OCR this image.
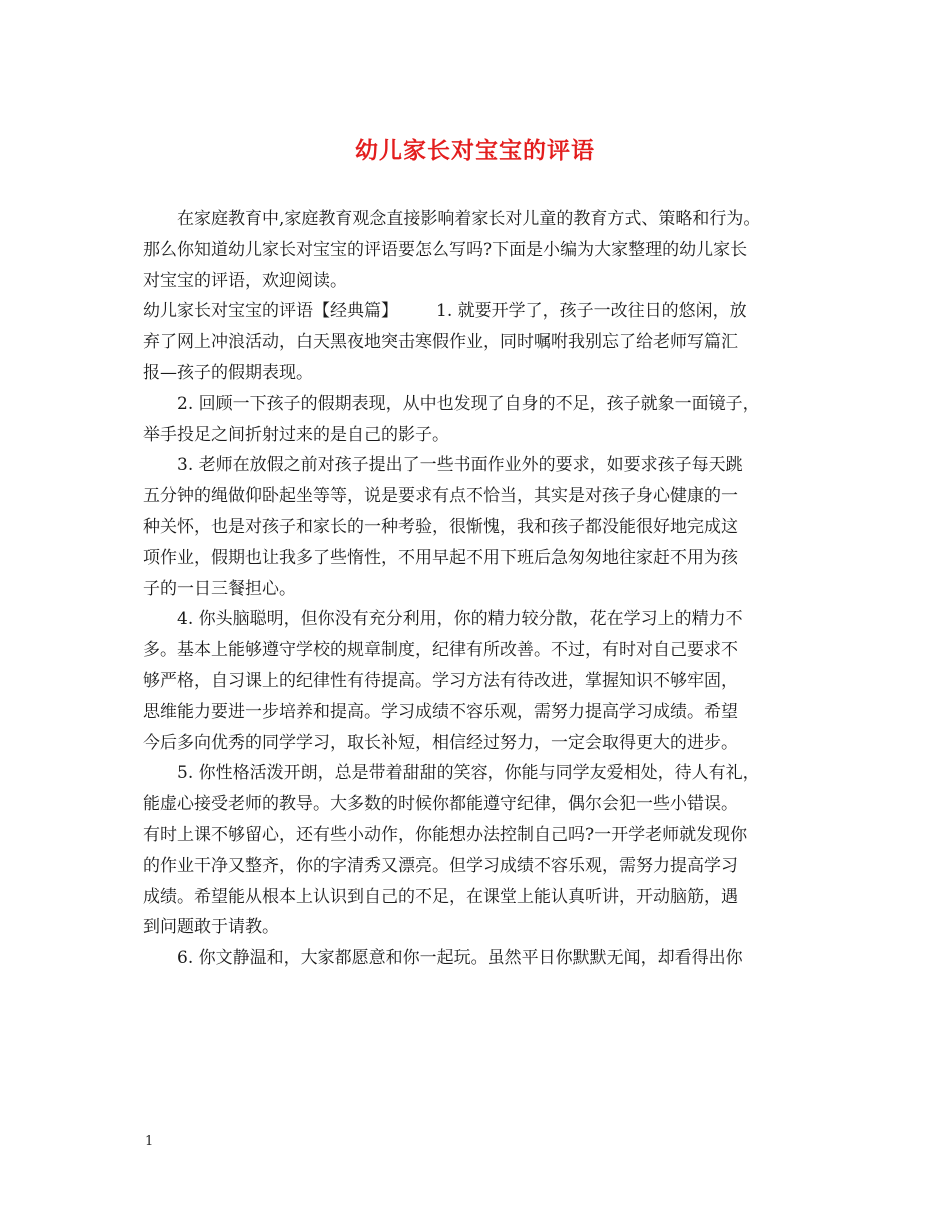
幼儿家长对宝宝的评语

在家庭教育中,家庭教育观念直接影响着家长对儿童的教育方式、策略和行为。

那么你知道幼儿家长对宝宝的评语要怎么写吗?下面是小编为大家整理的幼儿家长

对宝宝的评语，欢迎阅读。

幼儿家长对宝宝的评语【经典篇】 1. 就要开学了，孩子一改往日的悠闲，放

弃了网上冲浪活动，白天黑夜地突击寒假作业，同时嘱咐我别忘了给老师写篇汇

报—孩子的假期表现。

2. 回顾一下孩子的假期表现，从中也发现了自身的不足，孩子就象一面镜子，

举手投足之间折射过来的是自己的影子。

3. 老师在放假之前对孩子提出了一些书面作业外的要求，如要求孩子每天跳

五分钟的绳做仰卧起坐等等，说是要求有点不恰当，其实是对孩子身心健康的一

种关怀，也是对孩子和家长的一种考验，很惭愧，我和孩子都没能很好地完成这

项作业，假期也让我多了些惰性，不用早起不用下班后急匆匆地往家赶不用为孩

子的一日三餐担心。

4. 你头脑聪明，但你没有充分利用，你的精力较分散，花在学习上的精力不

多。基本上能够遵守学校的规章制度，纪律有所改善。不过，有时对自己要求不

够严格，自习课上的纪律性有待提高。学习方法有待改进，掌握知识不够牢固，

思维能力要进一步培养和提高。学习成绩不容乐观，需努力提高学习成绩。希望

今后多向优秀的同学学习，取长补短，相信经过努力，一定会取得更大的进步。

5. 你性格活泼开朗，总是带着甜甜的笑容，你能与同学友爱相处，待人有礼，

能虚心接受老师的教导。大多数的时候你都能遵守纪律，偶尔会犯一些小错误。

有时上课不够留心，还有些小动作，你能想办法控制自己吗?一开学老师就发现你

的作业干净又整齐，你的字清秀又漂亮。但学习成绩不容乐观，需努力提高学习

成绩。希望能从根本上认识到自己的不足，在课堂上能认真听讲，开动脑筋，遇

到问题敢于请教。

6. 你文静温和，大家都愿意和你一起玩。虽然平日你默默无闻，却看得出你

1
